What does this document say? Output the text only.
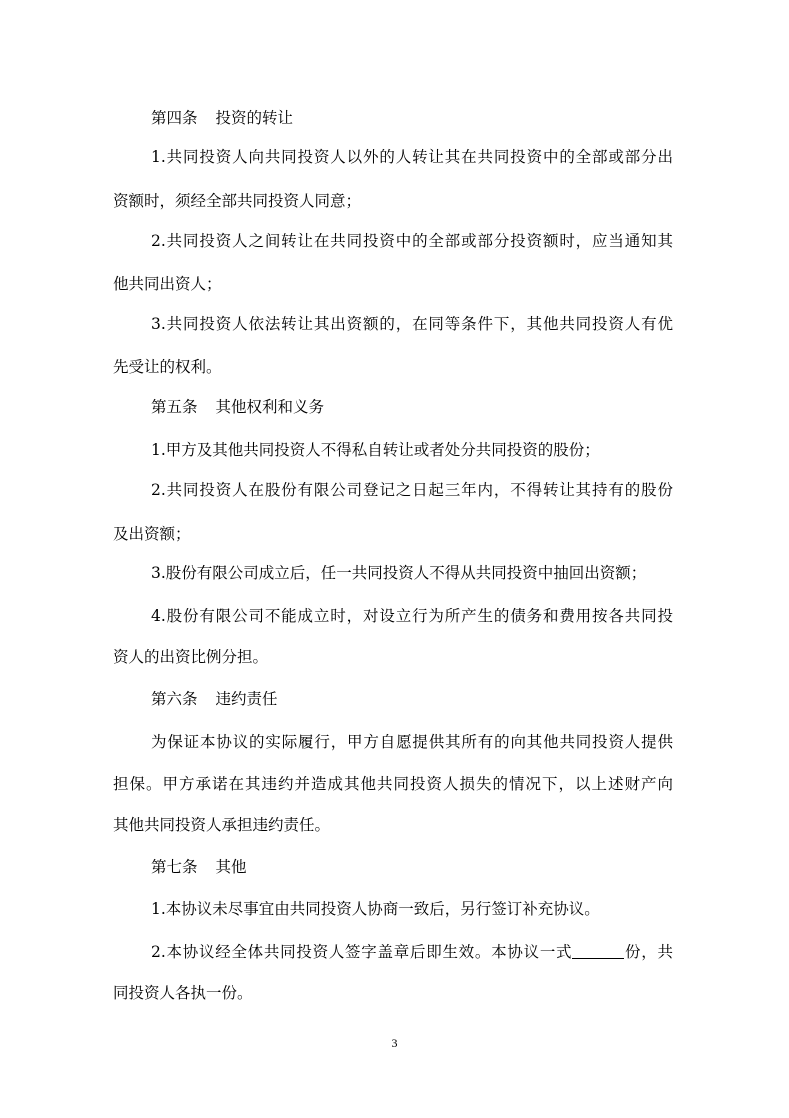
第四条 投资的转让
1.共同投资人向共同投资人以外的人转让其在共同投资中的全部或部分出
资额时，须经全部共同投资人同意；
2.共同投资人之间转让在共同投资中的全部或部分投资额时，应当通知其
他共同出资人；
3.共同投资人依法转让其出资额的，在同等条件下，其他共同投资人有优
先受让的权利。
第五条 其他权利和义务
1.甲方及其他共同投资人不得私自转让或者处分共同投资的股份；
2.共同投资人在股份有限公司登记之日起三年内，不得转让其持有的股份
及出资额；
3.股份有限公司成立后，任一共同投资人不得从共同投资中抽回出资额；
4.股份有限公司不能成立时，对设立行为所产生的债务和费用按各共同投
资人的出资比例分担。
第六条 违约责任
为保证本协议的实际履行，甲方自愿提供其所有的向其他共同投资人提供
担保。甲方承诺在其违约并造成其他共同投资人损失的情况下，以上述财产向
其他共同投资人承担违约责任。
第七条 其他
1.本协议未尽事宜由共同投资人协商一致后，另行签订补充协议。
2.本协议经全体共同投资人签字盖章后即生效。本协议一式	份，共
同投资人各执一份。
3
